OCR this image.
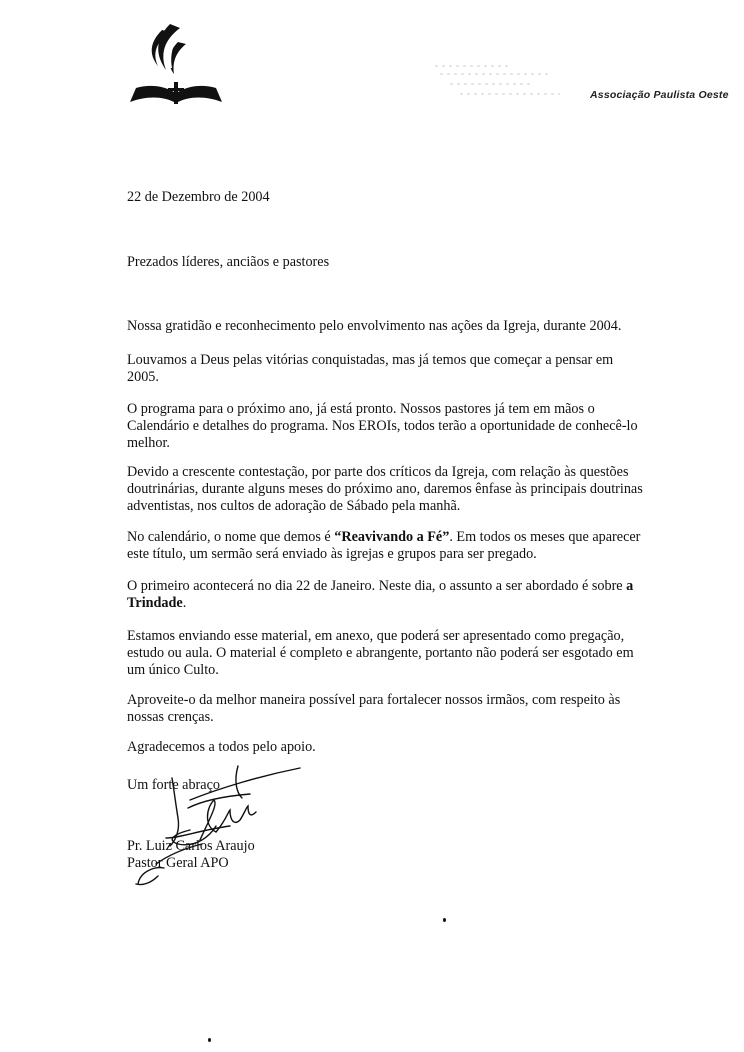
Associação Paulista Oeste

22 de Dezembro de 2004

Prezados líderes, anciãos e pastores

Nossa gratidão e reconhecimento pelo envolvimento nas ações da Igreja, durante 2004.

Louvamos a Deus pelas vitórias conquistadas, mas já temos que começar a pensar em 2005.

O programa para o próximo ano, já está pronto. Nossos pastores já tem em mãos o Calendário e detalhes do programa. Nos EROIs, todos terão a oportunidade de conhecê-lo melhor.

Devido a crescente contestação, por parte dos críticos da Igreja, com relação às questões doutrinárias, durante alguns meses do próximo ano, daremos ênfase às principais doutrinas adventistas, nos cultos de adoração de Sábado pela manhã.

No calendário, o nome que demos é “Reavivando a Fé”. Em todos os meses que aparecer este título, um sermão será enviado às igrejas e grupos para ser pregado.

O primeiro acontecerá no dia 22 de Janeiro. Neste dia, o assunto a ser abordado é sobre a Trindade.

Estamos enviando esse material, em anexo, que poderá ser apresentado como pregação, estudo ou aula. O material é completo e abrangente, portanto não poderá ser esgotado em um único Culto.

Aproveite-o da melhor maneira possível para fortalecer nossos irmãos, com respeito às nossas crenças.

Agradecemos a todos pelo apoio.

Um forte abraço

Pr. Luiz Carlos Araujo

Pastor Geral APO
